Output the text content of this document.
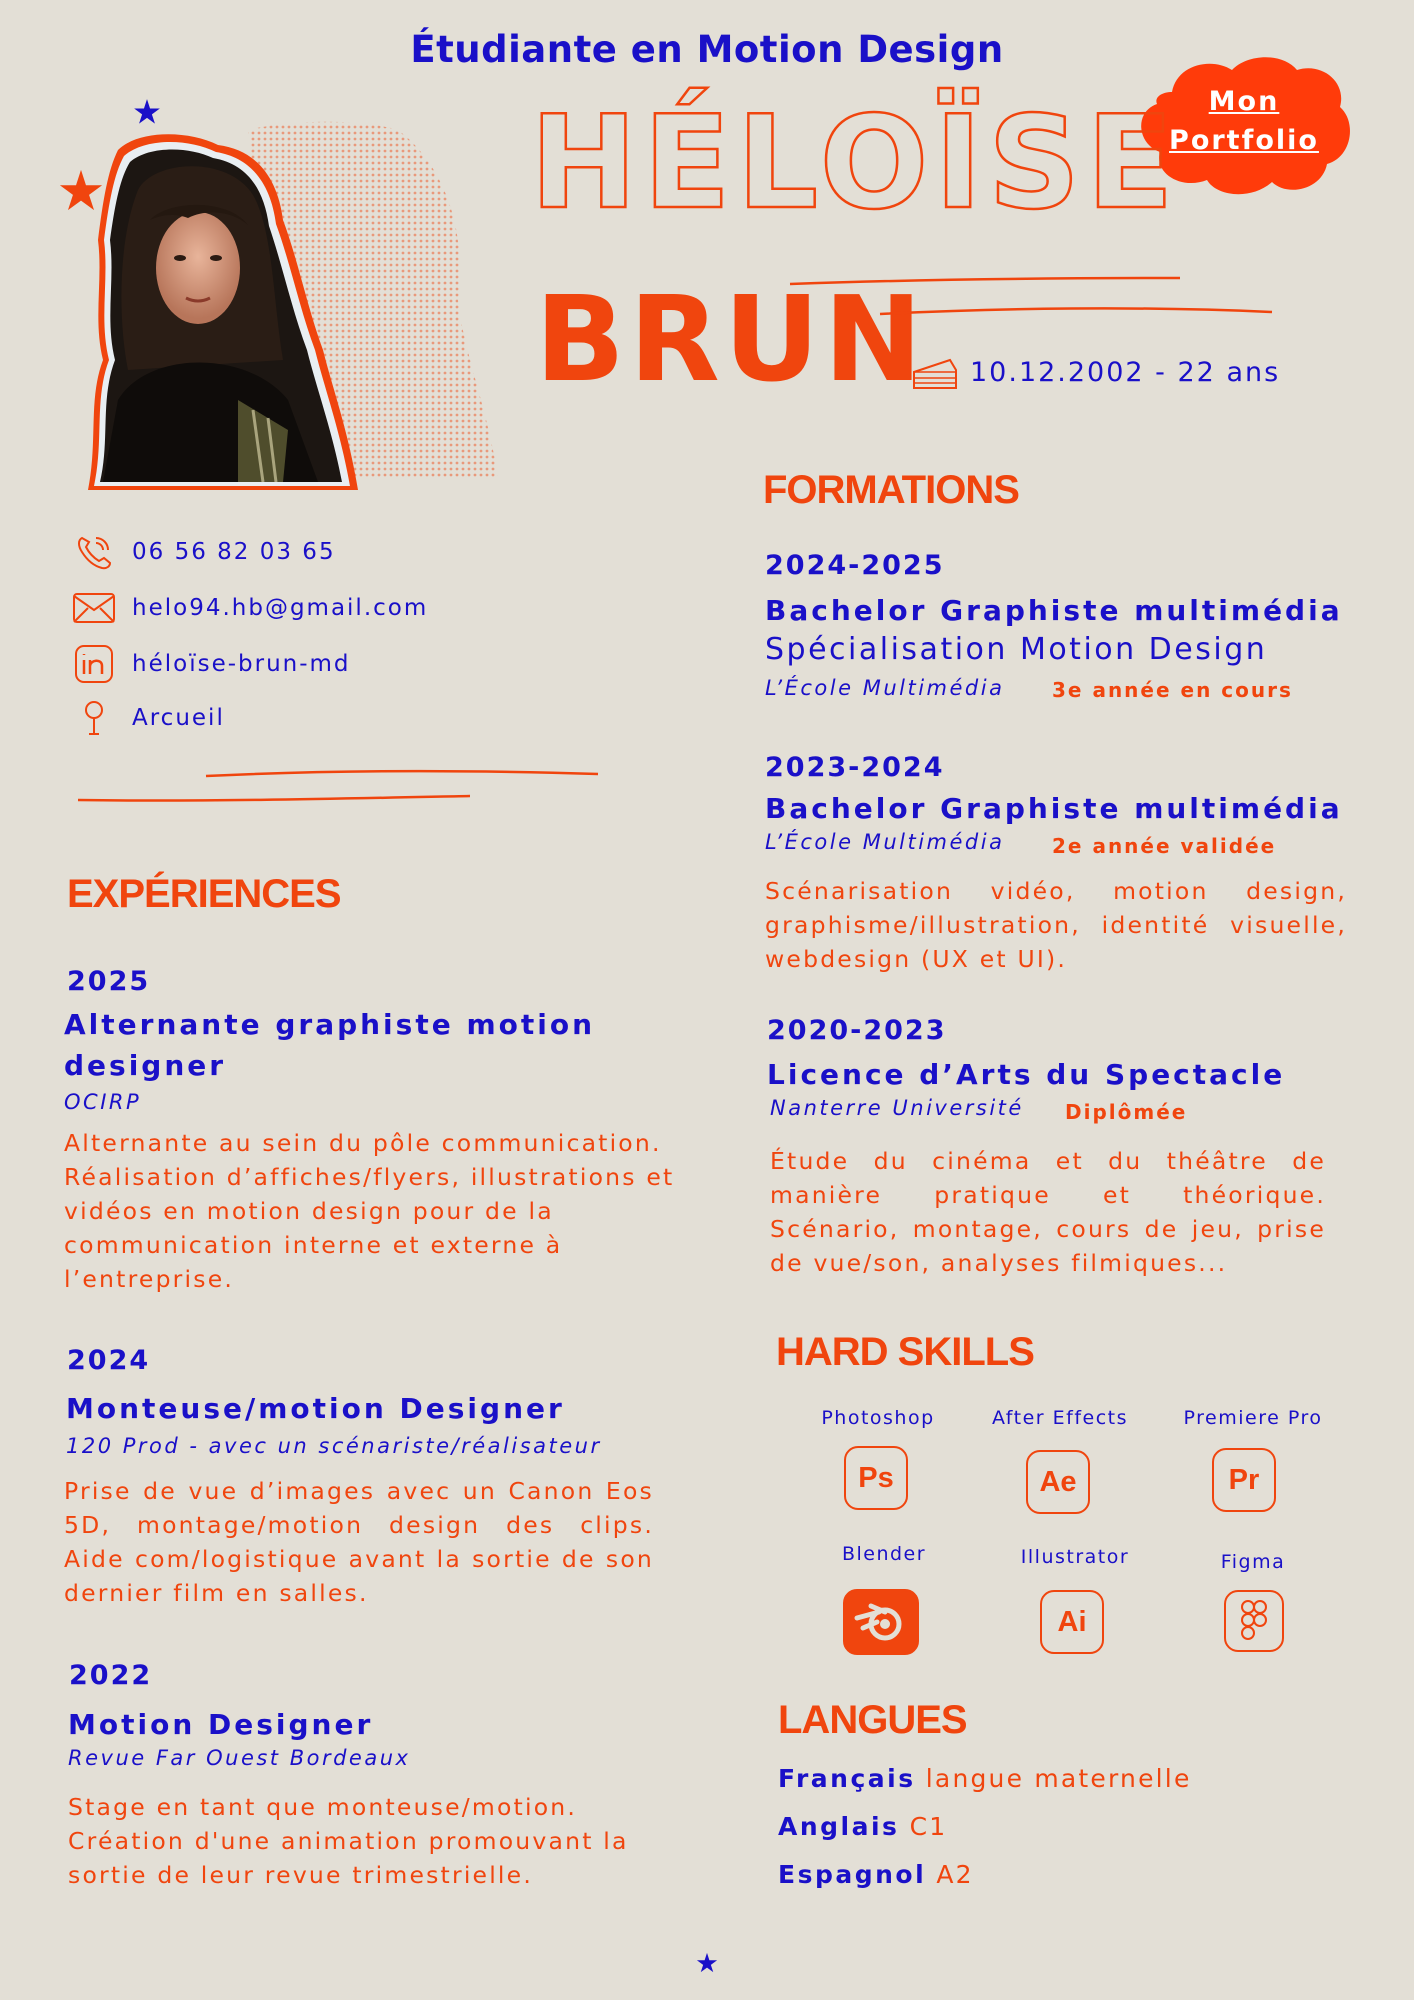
Étudiante en Motion Design
Mon
Portfolio
HÉLOÏSE
BRUN 10.12.2002 - 22 ans
06 56 82 03 65
helo94.hb@gmail.com
héloïse-brun-md
Arcueil
EXPÉRIENCES
2025
Alternante graphiste motion designer
OCIRP
Alternante au sein du pôle communication. Réalisation d’affiches/flyers, illustrations et vidéos en motion design pour de la communication interne et externe à l’entreprise.
2024
Monteuse/motion Designer
120 Prod - avec un scénariste/réalisateur
Prise de vue d’images avec un Canon Eos 5D, montage/motion design des clips. Aide com/logistique avant la sortie de son dernier film en salles.
2022
Motion Designer
Revue Far Ouest Bordeaux
Stage en tant que monteuse/motion. Création d'une animation promouvant la sortie de leur revue trimestrielle.
FORMATIONS
2024-2025
Bachelor Graphiste multimédia
Spécialisation Motion Design
L’École Multimédia 3e année en cours
2023-2024
Bachelor Graphiste multimédia
L’École Multimédia 2e année validée
Scénarisation vidéo, motion design, graphisme/illustration, identité visuelle, webdesign (UX et UI).
2020-2023
Licence d’Arts du Spectacle
Nanterre Université Diplômée
Étude du cinéma et du théâtre de manière pratique et théorique. Scénario, montage, cours de jeu, prise de vue/son, analyses filmiques...
HARD SKILLS
Photoshop
Ps
After Effects
Ae
Premiere Pro
Pr
Blender	Illustrator
Ai
Figma
LANGUES
Français langue maternelle
Anglais C1
Espagnol A2
